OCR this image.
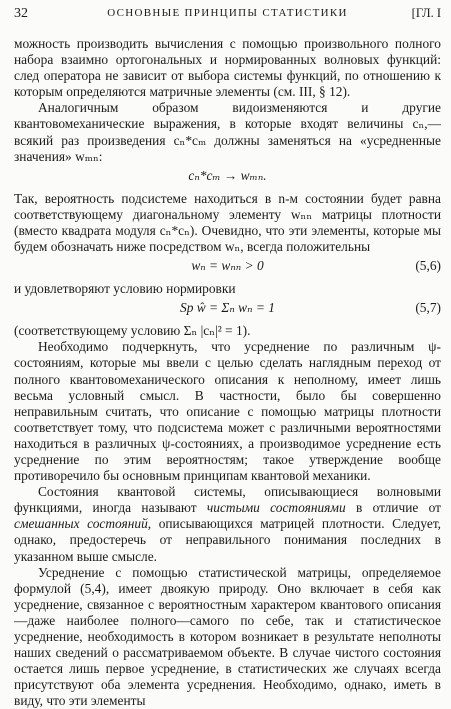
32	ОСНОВНЫЕ ПРИНЦИПЫ СТАТИСТИКИ	[ГЛ. I

можность производить вычисления с помощью произвольного полного набора взаимно ортогональных и нормированных волновых функций: след оператора не зависит от выбора системы функций, по отношению к которым определяются матричные элементы (см. III, § 12).

Аналогичным образом видоизменяются и другие квантовомеханические выражения, в которые входят величины cₙ,— всякий раз произведения cₙ*cₘ должны заменяться на «усредненные значения» wₘₙ:

cₙ*cₘ → wₘₙ.

Так, вероятность подсистеме находиться в n-м состоянии будет равна соответствующему диагональному элементу wₙₙ матрицы плотности (вместо квадрата модуля cₙ*cₙ). Очевидно, что эти элементы, которые мы будем обозначать ниже посредством wₙ, всегда положительны

wₙ = wₙₙ > 0	(5,6)

и удовлетворяют условию нормировки

Sp ŵ = Σₙ wₙ = 1	(5,7)

(соответствующему условию Σₙ |cₙ|² = 1).

Необходимо подчеркнуть, что усреднение по различным ψ-состояниям, которые мы ввели с целью сделать наглядным переход от полного квантовомеханического описания к неполному, имеет лишь весьма условный смысл. В частности, было бы совершенно неправильным считать, что описание с помощью матрицы плотности соответствует тому, что подсистема может с различными вероятностями находиться в различных ψ-состояниях, а производимое усреднение есть усреднение по этим вероятностям; такое утверждение вообще противоречило бы основным принципам квантовой механики.

Состояния квантовой системы, описывающиеся волновыми функциями, иногда называют чистыми состояниями в отличие от смешанных состояний, описывающихся матрицей плотности. Следует, однако, предостеречь от неправильного понимания последних в указанном выше смысле.

Усреднение с помощью статистической матрицы, определяемое формулой (5,4), имеет двоякую природу. Оно включает в себя как усреднение, связанное с вероятностным характером квантового описания—даже наиболее полного—самого по себе, так и статистическое усреднение, необходимость в котором возникает в результате неполноты наших сведений о рассматриваемом объекте. В случае чистого состояния остается лишь первое усреднение, в статистических же случаях всегда присутствуют оба элемента усреднения. Необходимо, однако, иметь в виду, что эти элементы
